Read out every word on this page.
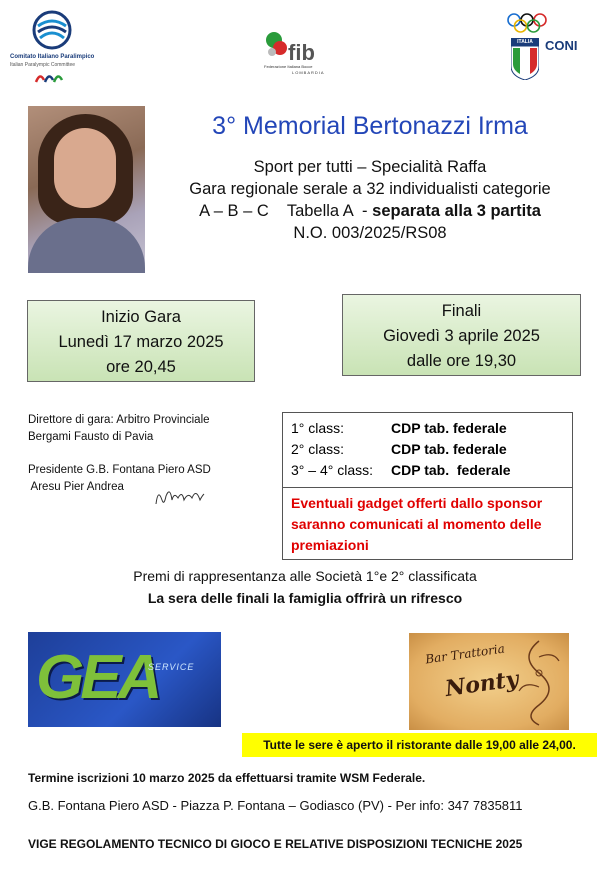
Comitato Italiano Paralimpico
Italian Paralympic Committee	fib
Federazione Italiana Bocce
LOMBARDIA
ITALIA CONI
3° Memorial Bertonazzi Irma
Sport per tutti – Specialità Raffa
Gara regionale serale a 32 individualisti categorie
A – B – C    Tabella A  - separata alla 3 partita
N.O. 003/2025/RS08
Inizio Gara
Lunedì 17 marzo 2025
ore 20,45
Finali
Giovedì 3 aprile 2025
dalle ore 19,30
Direttore di gara: Arbitro Provinciale
Bergami Fausto di Pavia
Presidente G.B. Fontana Piero ASD
Aresu Pier Andrea
1° class:	CDP tab. federale
2° class:	CDP tab. federale
3° – 4° class: CDP tab.  federale
Eventuali gadget offerti dallo sponsor saranno comunicati al momento delle premiazioni
Premi di rappresentanza alle Società 1°e 2° classificata
La sera delle finali la famiglia offrirà un rifresco
GEA
SERVICE
Bar Trattoria
Nonty
Tutte le sere è aperto il ristorante dalle 19,00 alle 24,00.
Termine iscrizioni 10 marzo 2025 da effettuarsi tramite WSM Federale.
G.B. Fontana Piero ASD - Piazza P. Fontana – Godiasco (PV) - Per info: 347 7835811
VIGE REGOLAMENTO TECNICO DI GIOCO E RELATIVE DISPOSIZIONI TECNICHE 2025
